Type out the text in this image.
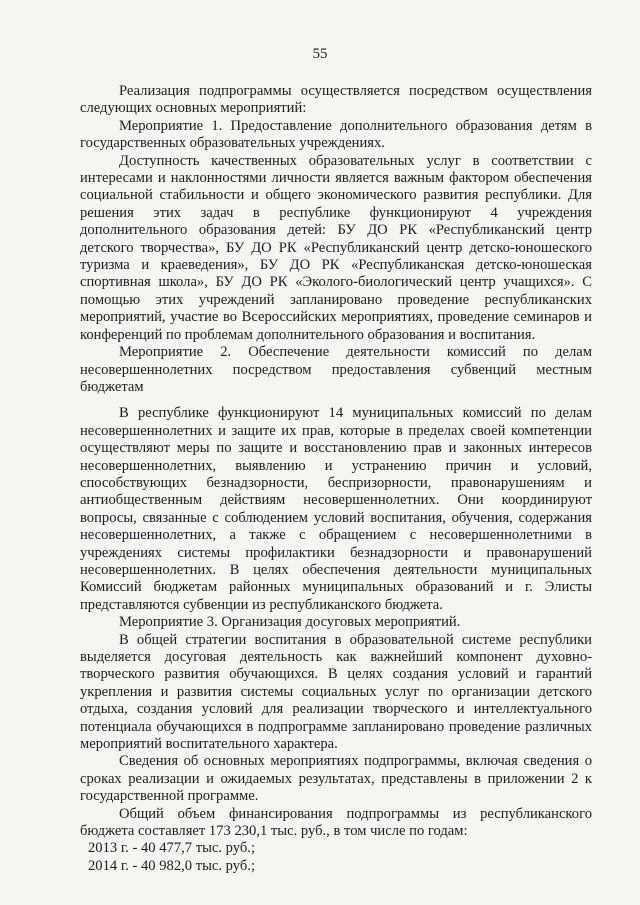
55

Реализация подпрограммы осуществляется посредством осуществления следующих основных мероприятий:

Мероприятие 1. Предоставление дополнительного образования детям в государственных образовательных учреждениях.

Доступность качественных образовательных услуг в соответствии с интересами и наклонностями личности является важным фактором обеспечения социальной стабильности и общего экономического развития республики. Для решения этих задач в республике функционируют 4 учреждения дополнительного образования детей: БУ ДО РК «Республиканский центр детского творчества», БУ ДО РК «Республиканский центр детско-юношеского туризма и краеведения», БУ ДО РК «Республиканская детско-юношеская спортивная школа», БУ ДО РК «Эколого-биологический центр учащихся». С помощью этих учреждений запланировано проведение республиканских мероприятий, участие во Всероссийских мероприятиях, проведение семинаров и конференций по проблемам дополнительного образования и воспитания.

Мероприятие 2. Обеспечение деятельности комиссий по делам несовершеннолетних посредством предоставления субвенций местным бюджетам

В республике функционируют 14 муниципальных комиссий по делам несовершеннолетних и защите их прав, которые в пределах своей компетенции осуществляют меры по защите и восстановлению прав и законных интересов несовершеннолетних, выявлению и устранению причин и условий, способствующих безнадзорности, беспризорности, правонарушениям и антиобщественным действиям несовершеннолетних. Они координируют вопросы, связанные с соблюдением условий воспитания, обучения, содержания несовершеннолетних, а также с обращением с несовершеннолетними в учреждениях системы профилактики безнадзорности и правонарушений несовершеннолетних. В целях обеспечения деятельности муниципальных Комиссий бюджетам районных муниципальных образований и г. Элисты представляются субвенции из республиканского бюджета.

Мероприятие 3. Организация досуговых мероприятий.

В общей стратегии воспитания в образовательной системе республики выделяется досуговая деятельность как важнейший компонент духовно-творческого развития обучающихся. В целях создания условий и гарантий укрепления и развития системы социальных услуг по организации детского отдыха, создания условий для реализации творческого и интеллектуального потенциала обучающихся в подпрограмме запланировано проведение различных мероприятий воспитательного характера.

Сведения об основных мероприятиях подпрограммы, включая сведения о сроках реализации и ожидаемых результатах, представлены в приложении 2 к государственной программе.

Общий объем финансирования подпрограммы из республиканского бюджета составляет 173 230,1 тыс. руб., в том числе по годам:

2013 г. - 40 477,7 тыс. руб.;

2014 г. - 40 982,0 тыс. руб.;
